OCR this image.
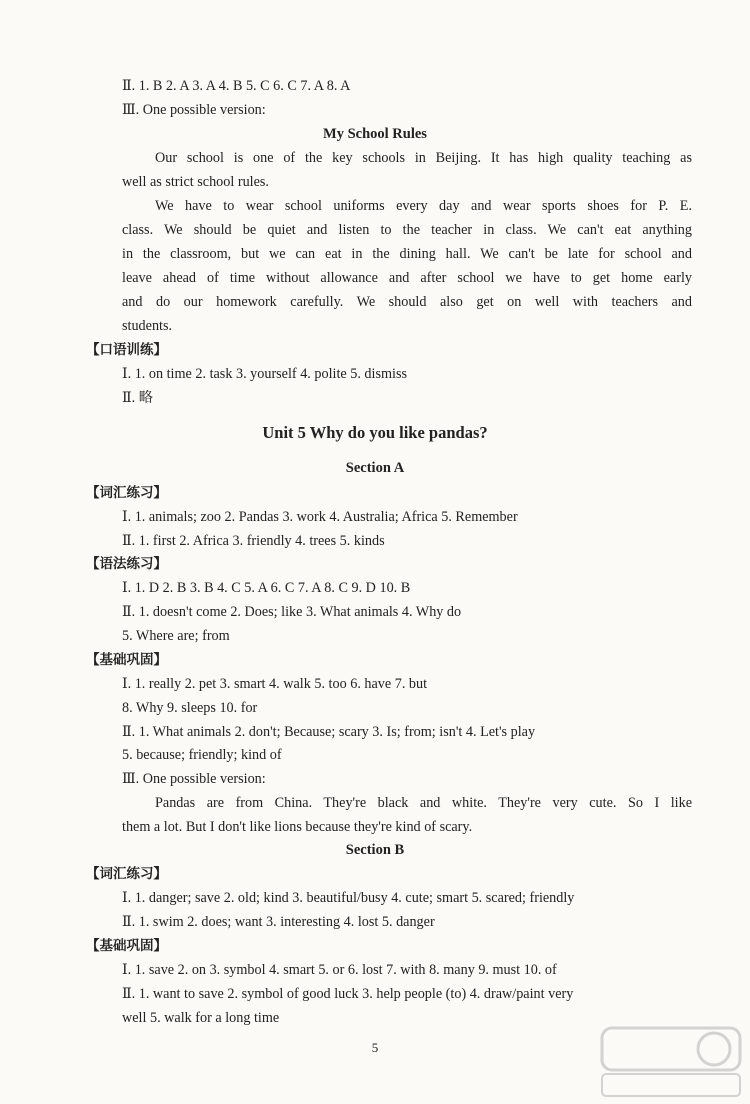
Ⅱ. 1. B 2. A 3. A 4. B 5. C 6. C 7. A 8. A
Ⅲ. One possible version:
My School Rules
Our school is one of the key schools in Beijing. It has high quality teaching as
well as strict school rules.
We have to wear school uniforms every day and wear sports shoes for P. E.
class. We should be quiet and listen to the teacher in class. We can't eat anything
in the classroom, but we can eat in the dining hall. We can't be late for school and
leave ahead of time without allowance and after school we have to get home early
and do our homework carefully. We should also get on well with teachers and
students.
【口语训练】
Ⅰ. 1. on time 2. task 3. yourself 4. polite 5. dismiss
Ⅱ. 略
Unit 5 Why do you like pandas?
Section A
【词汇练习】
Ⅰ. 1. animals; zoo 2. Pandas 3. work 4. Australia; Africa 5. Remember
Ⅱ. 1. first 2. Africa 3. friendly 4. trees 5. kinds
【语法练习】
Ⅰ. 1. D 2. B 3. B 4. C 5. A 6. C 7. A 8. C 9. D 10. B
Ⅱ. 1. doesn't come 2. Does; like 3. What animals 4. Why do
5. Where are; from
【基础巩固】
Ⅰ. 1. really 2. pet 3. smart 4. walk 5. too 6. have 7. but
8. Why 9. sleeps 10. for
Ⅱ. 1. What animals 2. don't; Because; scary 3. Is; from; isn't 4. Let's play
5. because; friendly; kind of
Ⅲ. One possible version:
Pandas are from China. They're black and white. They're very cute. So I like
them a lot. But I don't like lions because they're kind of scary.
Section B
【词汇练习】
Ⅰ. 1. danger; save 2. old; kind 3. beautiful/busy 4. cute; smart 5. scared; friendly
Ⅱ. 1. swim 2. does; want 3. interesting 4. lost 5. danger
【基础巩固】
Ⅰ. 1. save 2. on 3. symbol 4. smart 5. or 6. lost 7. with 8. many 9. must 10. of
Ⅱ. 1. want to save 2. symbol of good luck 3. help people (to) 4. draw/paint very
well 5. walk for a long time
5
